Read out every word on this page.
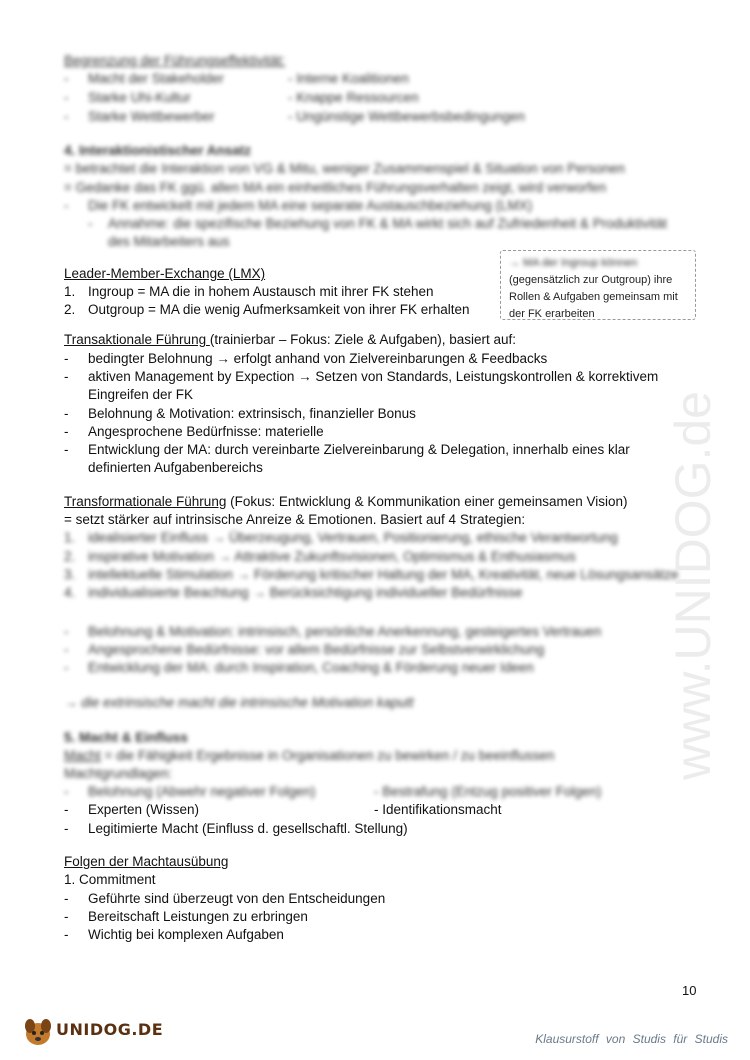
Begrenzung der Führungseffektivität:
- Macht der Stakeholder	- Interne Koalitionen
- Starke Uhi-Kultur	- Knappe Ressourcen
- Starke Wettbewerber	- Ungünstige Wettbewerbsbedingungen
4. Interaktionistischer Ansatz
= betrachtet die Interaktion von VG & Mitu, weniger Zusammenspiel & Situation von Personen
= Gedanke das FK ggü. allen MA ein einheitliches Führungsverhalten zeigt, wird verworfen
- Die FK entwickelt mit jedem MA eine separate Austauschbeziehung (LMX)
- Annahme: die spezifische Beziehung von FK & MA wirkt sich auf Zufriedenheit & Produktivität
des Mitarbeiters aus
Leader-Member-Exchange (LMX)
1. Ingroup = MA die in hohem Austausch mit ihrer FK stehen
2. Outgroup = MA die wenig Aufmerksamkeit von ihrer FK erhalten
→ MA der Ingroup können
(gegensätzlich zur Outgroup) ihre
Rollen & Aufgaben gemeinsam mit
der FK erarbeiten
Transaktionale Führung (trainierbar – Fokus: Ziele & Aufgaben), basiert auf:
- bedingter Belohnung → erfolgt anhand von Zielvereinbarungen & Feedbacks
- aktiven Management by Expection → Setzen von Standards, Leistungskontrollen & korrektivem
Eingreifen der FK
- Belohnung & Motivation: extrinsisch, finanzieller Bonus
- Angesprochene Bedürfnisse: materielle
- Entwicklung der MA: durch vereinbarte Zielvereinbarung & Delegation, innerhalb eines klar
definierten Aufgabenbereichs
Transformationale Führung (Fokus: Entwicklung & Kommunikation einer gemeinsamen Vision)
= setzt stärker auf intrinsische Anreize & Emotionen. Basiert auf 4 Strategien:
1. idealisierter Einfluss → Überzeugung, Vertrauen, Positionierung, ethische Verantwortung
2. inspirative Motivation → Attraktive Zukunftsvisionen, Optimismus & Enthusiasmus
3. intellektuelle Stimulation → Förderung kritischer Haltung der MA, Kreativität, neue Lösungsansätze
4. individualisierte Beachtung → Berücksichtigung individueller Bedürfnisse
- Belohnung & Motivation: intrinsisch, persönliche Anerkennung, gesteigertes Vertrauen
- Angesprochene Bedürfnisse: vor allem Bedürfnisse zur Selbstverwirklichung
- Entwicklung der MA: durch Inspiration, Coaching & Förderung neuer Ideen
→ die extrinsische macht die intrinsische Motivation kaputt
5. Macht & Einfluss
Macht = die Fähigkeit Ergebnisse in Organisationen zu bewirken / zu beeinflussen
Machtgrundlagen:
- Belohnung (Abwehr negativer Folgen)	- Bestrafung (Entzug positiver Folgen)
- Experten (Wissen)	- Identifikationsmacht
- Legitimierte Macht (Einfluss d. gesellschaftl. Stellung)
Folgen der Machtausübung
1. Commitment
- Geführte sind überzeugt von den Entscheidungen
- Bereitschaft Leistungen zu erbringen
- Wichtig bei komplexen Aufgaben
www.UNIDOG.de
10
UNIDOG.DE	Klausurstoff von Studis für Studis
